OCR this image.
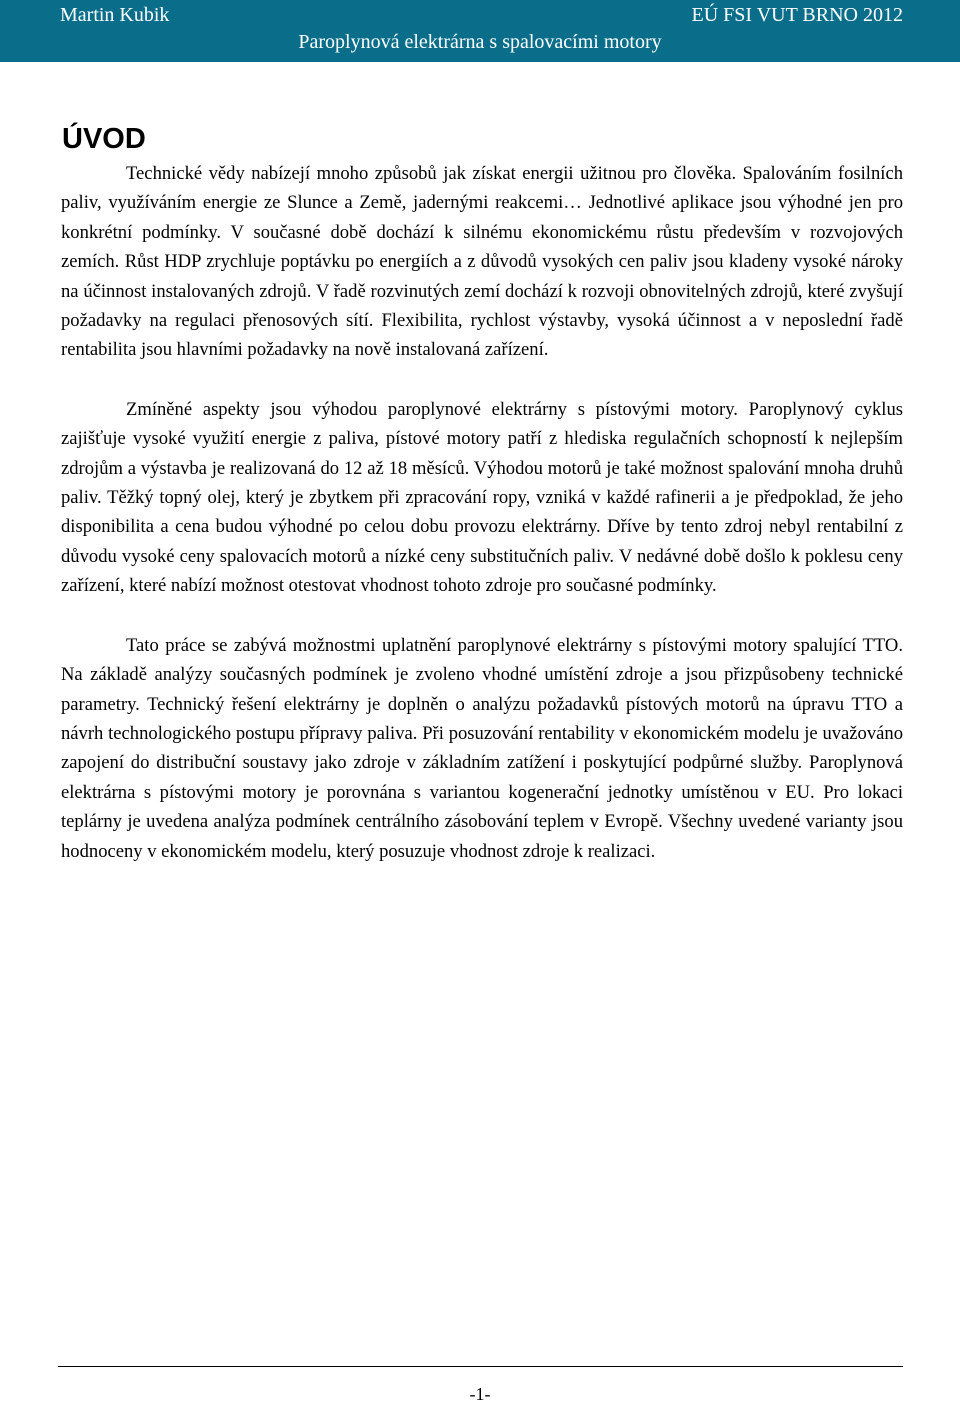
Martin Kubik	EÚ FSI VUT BRNO 2012
Paroplynová elektrárna s spalovacími motory
ÚVOD

Technické vědy nabízejí mnoho způsobů jak získat energii užitnou pro člověka. Spalováním fosilních paliv, využíváním energie ze Slunce a Země, jadernými reakcemi… Jednotlivé aplikace jsou výhodné jen pro konkrétní podmínky. V současné době dochází k silnému ekonomickému růstu především v rozvojových zemích. Růst HDP zrychluje poptávku po energiích a z důvodů vysokých cen paliv jsou kladeny vysoké nároky na účinnost instalovaných zdrojů. V řadě rozvinutých zemí dochází k rozvoji obnovitelných zdrojů, které zvyšují požadavky na regulaci přenosových sítí. Flexibilita, rychlost výstavby, vysoká účinnost a v neposlední řadě rentabilita jsou hlavními požadavky na nově instalovaná zařízení.

Zmíněné aspekty jsou výhodou paroplynové elektrárny s pístovými motory. Paroplynový cyklus zajišťuje vysoké využití energie z paliva, pístové motory patří z hlediska regulačních schopností k nejlepším zdrojům a výstavba je realizovaná do 12 až 18 měsíců. Výhodou motorů je také možnost spalování mnoha druhů paliv. Těžký topný olej, který je zbytkem při zpracování ropy, vzniká v každé rafinerii a je předpoklad, že jeho disponibilita a cena budou výhodné po celou dobu provozu elektrárny. Dříve by tento zdroj nebyl rentabilní z důvodu vysoké ceny spalovacích motorů a nízké ceny substitučních paliv. V nedávné době došlo k poklesu ceny zařízení, které nabízí možnost otestovat vhodnost tohoto zdroje pro současné podmínky.

Tato práce se zabývá možnostmi uplatnění paroplynové elektrárny s pístovými motory spalující TTO. Na základě analýzy současných podmínek je zvoleno vhodné umístění zdroje a jsou přizpůsobeny technické parametry. Technický řešení elektrárny je doplněn o analýzu požadavků pístových motorů na úpravu TTO a návrh technologického postupu přípravy paliva. Při posuzování rentability v ekonomickém modelu je uvažováno zapojení do distribuční soustavy jako zdroje v základním zatížení i poskytující podpůrné služby. Paroplynová elektrárna s pístovými motory je porovnána s variantou kogenerační jednotky umístěnou v EU. Pro lokaci teplárny je uvedena analýza podmínek centrálního zásobování teplem v Evropě. Všechny uvedené varianty jsou hodnoceny v ekonomickém modelu, který posuzuje vhodnost zdroje k realizaci.

-1-
